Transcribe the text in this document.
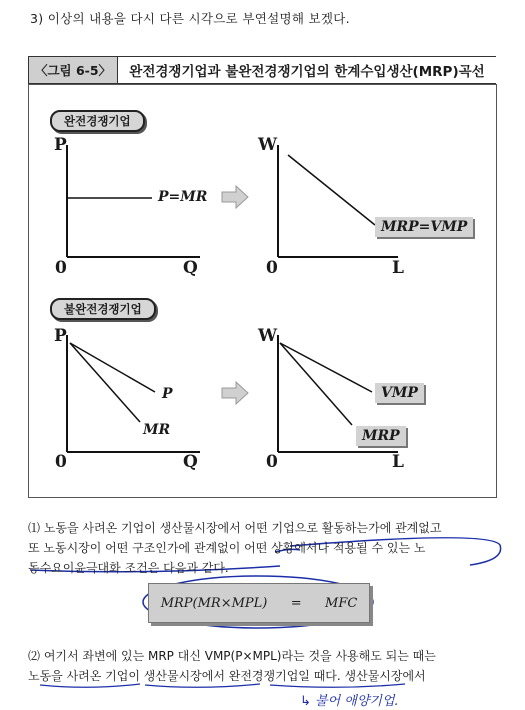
3) 이상의 내용을 다시 다른 시각으로 부연설명해 보겠다.
〈그림 6-5〉	완전경쟁기업과 불완전경쟁기업의 한계수입생산(MRP)곡선
완전경쟁기업
P
0	Q
P=MR
W
0	L
MRP=VMP
불완전경쟁기업
P
0	Q
P
MR
W
0	L
VMP
MRP
⑴ 노동을 사려온 기업이 생산물시장에서 어떤 기업으로 활동하는가에 관계없고
또 노동시장이 어떤 구조인가에 관계없이 어떤 상황에서나 적용될 수 있는 노
동수요이윤극대화 조건은 다음과 같다.
MRP(MR×MPL) = MFC
⑵ 여기서 좌변에 있는 MRP 대신 VMP(P×MPL)라는 것을 사용해도 되는 때는
노동을 사려온 기업이 생산물시장에서 완전경쟁기업일 때다. 생산물시장에서
↳ 불어 애양기업.
